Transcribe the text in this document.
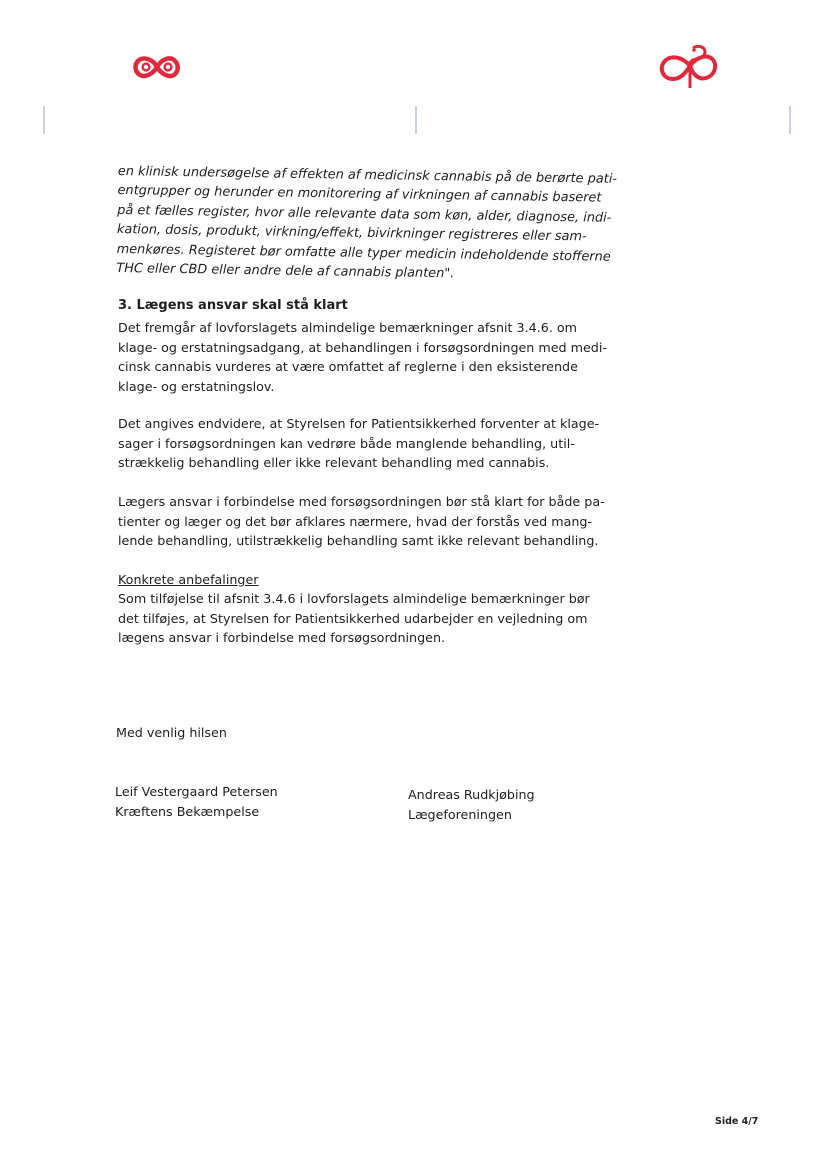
en klinisk undersøgelse af effekten af medicinsk cannabis på de berørte pati-
entgrupper og herunder en monitorering af virkningen af cannabis baseret
på et fælles register, hvor alle relevante data som køn, alder, diagnose, indi-
kation, dosis, produkt, virkning/effekt, bivirkninger registreres eller sam-
menkøres. Registeret bør omfatte alle typer medicin indeholdende stofferne
THC eller CBD eller andre dele af cannabis planten".
3. Lægens ansvar skal stå klart
Det fremgår af lovforslagets almindelige bemærkninger afsnit 3.4.6. om
klage- og erstatningsadgang, at behandlingen i forsøgsordningen med medi-
cinsk cannabis vurderes at være omfattet af reglerne i den eksisterende
klage- og erstatningslov.
Det angives endvidere, at Styrelsen for Patientsikkerhed forventer at klage-
sager i forsøgsordningen kan vedrøre både manglende behandling, util-
strækkelig behandling eller ikke relevant behandling med cannabis.
Lægers ansvar i forbindelse med forsøgsordningen bør stå klart for både pa-
tienter og læger og det bør afklares nærmere, hvad der forstås ved mang-
lende behandling, utilstrækkelig behandling samt ikke relevant behandling.
Konkrete anbefalinger
Som tilføjelse til afsnit 3.4.6 i lovforslagets almindelige bemærkninger bør
det tilføjes, at Styrelsen for Patientsikkerhed udarbejder en vejledning om
lægens ansvar i forbindelse med forsøgsordningen.
Med venlig hilsen
Leif Vestergaard Petersen
Kræftens Bekæmpelse
Andreas Rudkjøbing
Lægeforeningen
Side 4/7
